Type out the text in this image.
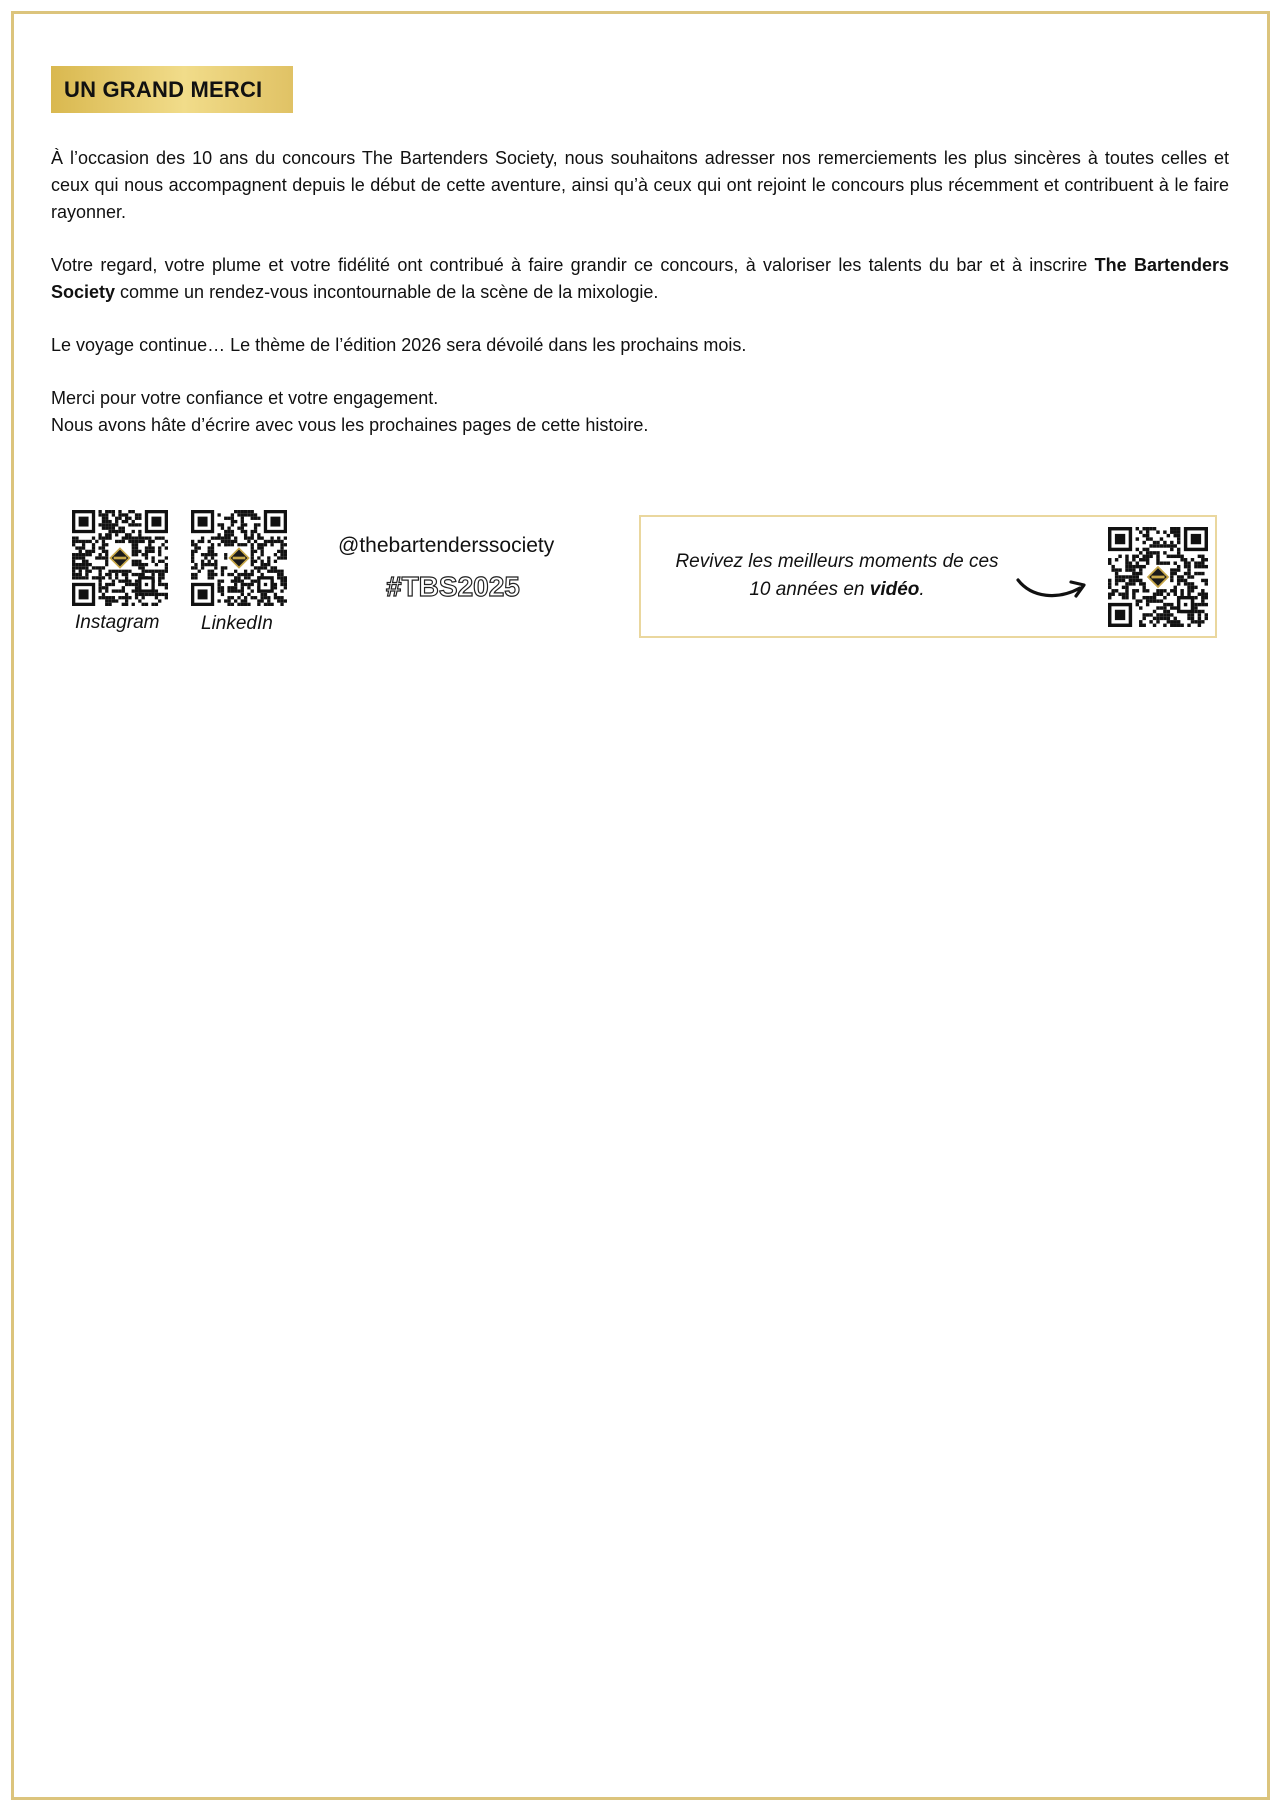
UN GRAND MERCI

À l’occasion des 10 ans du concours The Bartenders Society, nous souhaitons adresser nos remerciements les plus sincères à toutes celles et ceux qui nous accompagnent depuis le début de cette aventure, ainsi qu’à ceux qui ont rejoint le concours plus récemment et contribuent à le faire rayonner.

Votre regard, votre plume et votre fidélité ont contribué à faire grandir ce concours, à valoriser les talents du bar et à inscrire The Bartenders Society comme un rendez-vous incontournable de la scène de la mixologie.

Le voyage continue… Le thème de l’édition 2026 sera dévoilé dans les prochains mois.

Merci pour votre confiance et votre engagement.
Nous avons hâte d’écrire avec vous les prochaines pages de cette histoire.

Instagram LinkedIn
@thebartenderssociety
#TBS2025
Revivez les meilleurs moments de ces 10 années en vidéo.
